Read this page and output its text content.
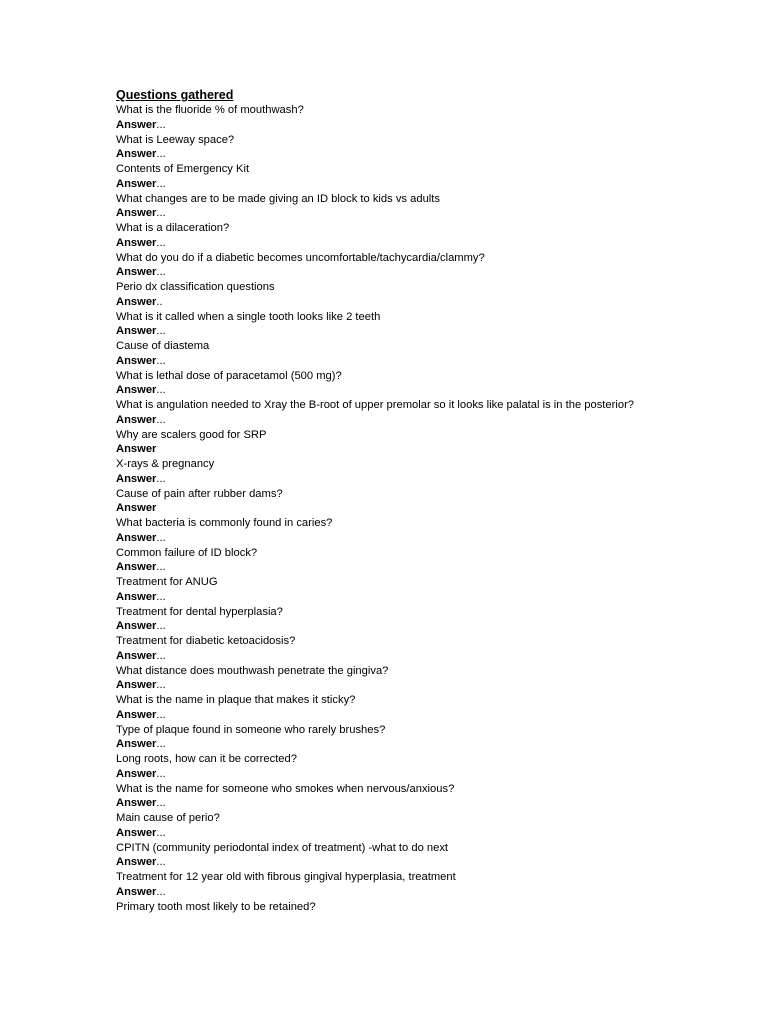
Questions gathered
What is the fluoride % of mouthwash?
Answer...
What is Leeway space?
Answer...
Contents of Emergency Kit
Answer...
What changes are to be made giving an ID block to kids vs adults
Answer...
What is a dilaceration?
Answer...
What do you do if a diabetic becomes uncomfortable/tachycardia/clammy?
Answer...
Perio dx classification questions
Answer..
What is it called when a single tooth looks like 2 teeth
Answer...
Cause of diastema
Answer...
What is lethal dose of paracetamol (500 mg)?
Answer...
What is angulation needed to Xray the B-root of upper premolar so it looks like palatal is in the posterior?
Answer...
Why are scalers good for SRP
Answer
X-rays & pregnancy
Answer...
Cause of pain after rubber dams?
Answer
What bacteria is commonly found in caries?
Answer...
Common failure of ID block?
Answer...
Treatment for ANUG
Answer...
Treatment for dental hyperplasia?
Answer...
Treatment for diabetic ketoacidosis?
Answer...
What distance does mouthwash penetrate the gingiva?
Answer...
What is the name in plaque that makes it sticky?
Answer...
Type of plaque found in someone who rarely brushes?
Answer...
Long roots, how can it be corrected?
Answer...
What is the name for someone who smokes when nervous/anxious?
Answer...
Main cause of perio?
Answer...
CPITN (community periodontal index of treatment) -what to do next
Answer...
Treatment for 12 year old with fibrous gingival hyperplasia, treatment
Answer...
Primary tooth most likely to be retained?
